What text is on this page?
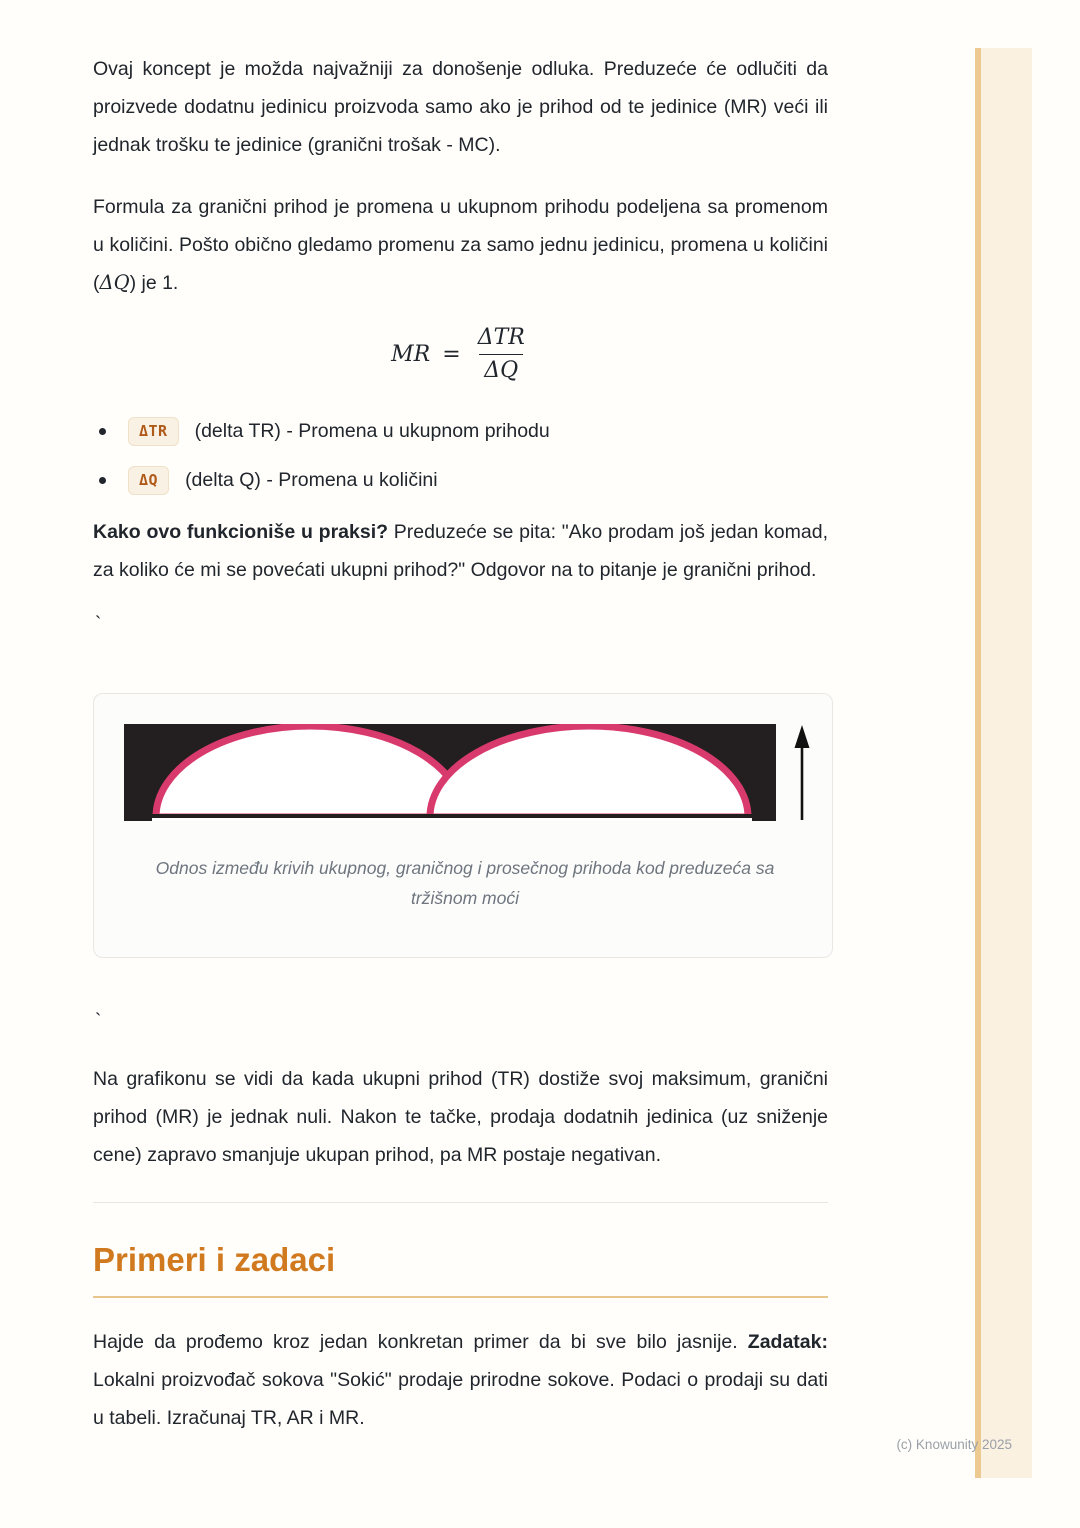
Ovaj koncept je možda najvažniji za donošenje odluka. Preduzeće će odlučiti da proizvede dodatnu jedinicu proizvoda samo ako je prihod od te jedinice (MR) veći ili jednak trošku te jedinice (granični trošak - MC).

Formula za granični prihod je promena u ukupnom prihodu podeljena sa promenom u količini. Pošto obično gledamo promenu za samo jednu jedinicu, promena u količini (ΔQ) je 1.

MR = $\frac{\text{ΔTR}}{\Delta Q}$
ΔTR	(delta TR) - Promena u ukupnom prihodu
ΔQ	(delta Q) - Promena u količini

Kako ovo funkcioniše u praksi? Preduzeće se pita: "Ako prodam još jedan komad, za koliko će mi se povećati ukupni prihod?" Odgovor na to pitanje je granični prihod.

`
Odnos između krivih ukupnog, graničnog i prosečnog prihoda kod preduzeća sa tržišnom moći
`

Na grafikonu se vidi da kada ukupni prihod (TR) dostiže svoj maksimum, granični prihod (MR) je jednak nuli. Nakon te tačke, prodaja dodatnih jedinica (uz sniženje cene) zapravo smanjuje ukupan prihod, pa MR postaje negativan.

Primeri i zadaci

Hajde da prođemo kroz jedan konkretan primer da bi sve bilo jasnije. Zadatak: Lokalni proizvođač sokova "Sokić" prodaje prirodne sokove. Podaci o prodaji su dati u tabeli. Izračunaj TR, AR i MR.

(c) Knowunity 2025
